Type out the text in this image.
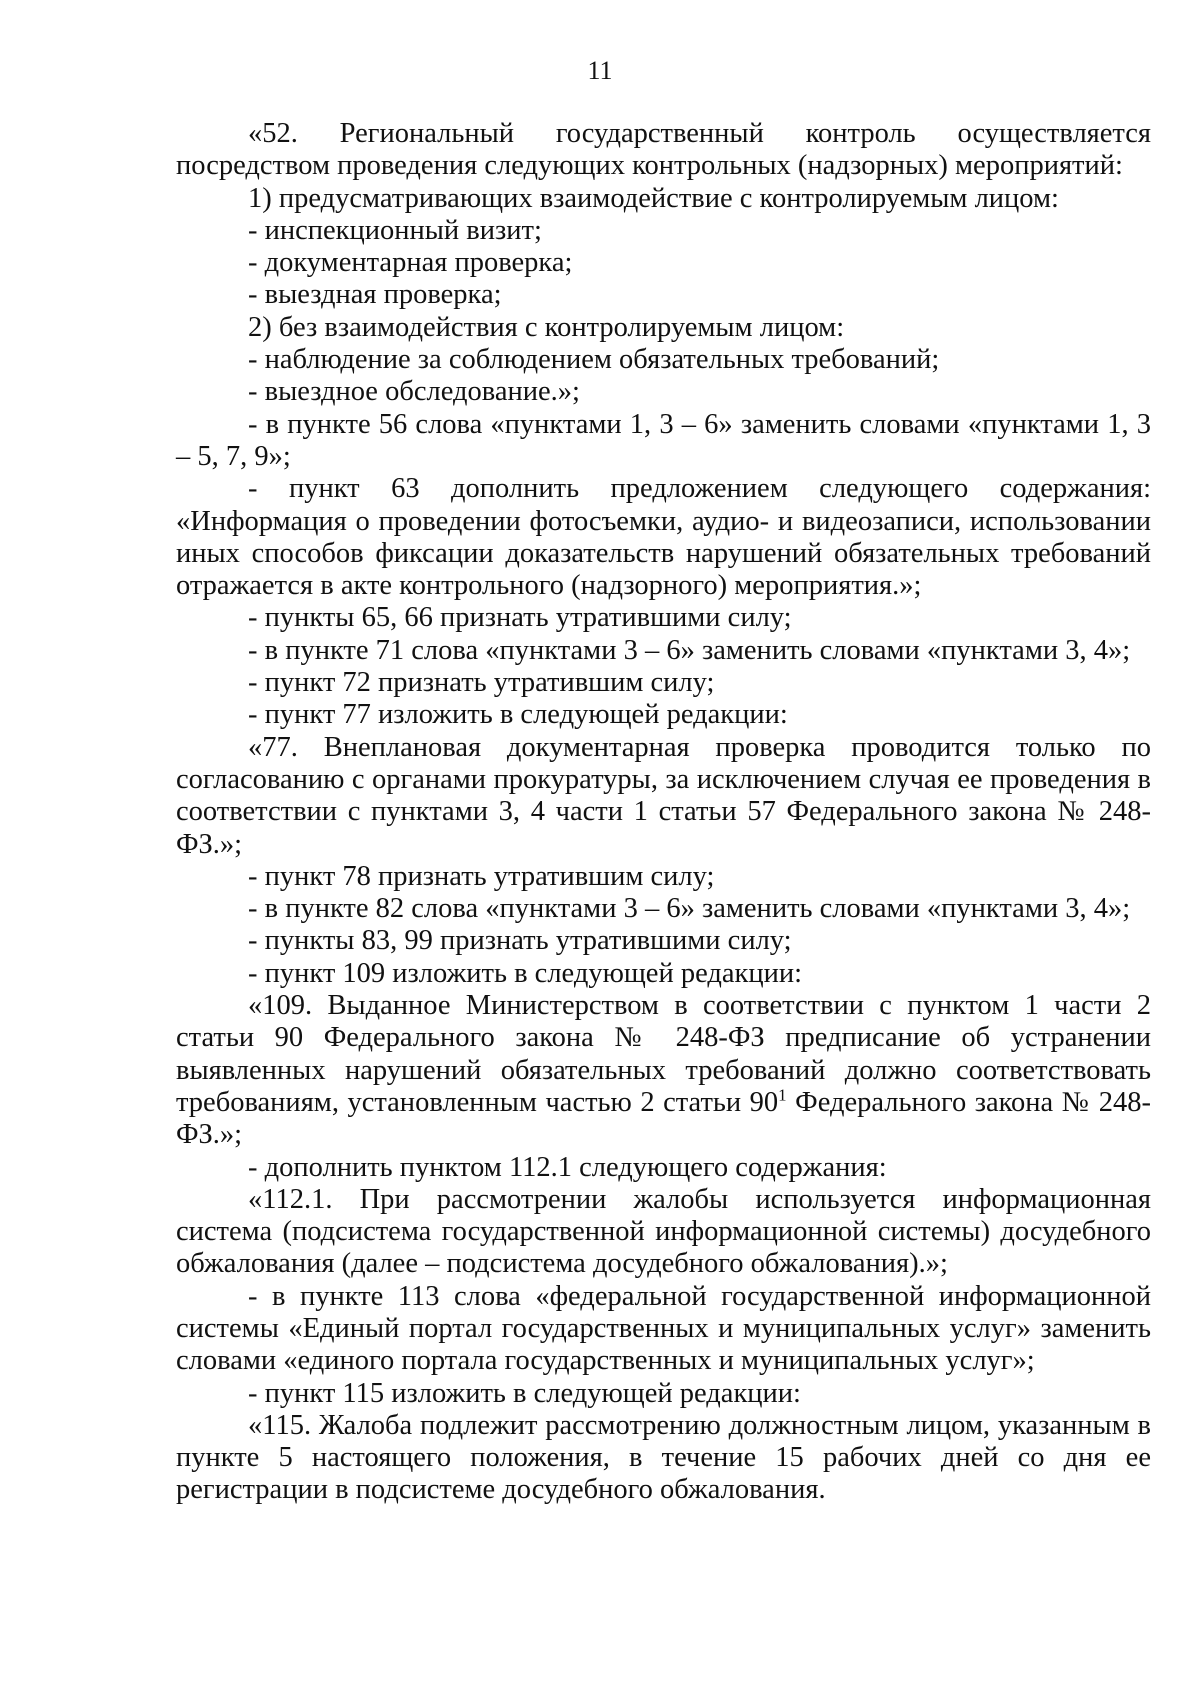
11

«52. Региональный государственный контроль осуществляется посредством проведения следующих контрольных (надзорных) мероприятий:

1) предусматривающих взаимодействие с контролируемым лицом:

- инспекционный визит;

- документарная проверка;

- выездная проверка;

2) без взаимодействия с контролируемым лицом:

- наблюдение за соблюдением обязательных требований;

- выездное обследование.»;

- в пункте 56 слова «пунктами 1, 3 – 6» заменить словами «пунктами 1, 3 – 5, 7, 9»;

- пункт 63 дополнить предложением следующего содержания: «Информация о проведении фотосъемки, аудио- и видеозаписи, использовании иных способов фиксации доказательств нарушений обязательных требований отражается в акте контрольного (надзорного) мероприятия.»;

- пункты 65, 66 признать утратившими силу;

- в пункте 71 слова «пунктами 3 – 6» заменить словами «пунктами 3, 4»;

- пункт 72 признать утратившим силу;

- пункт 77 изложить в следующей редакции:

«77. Внеплановая документарная проверка проводится только по согласованию с органами прокуратуры, за исключением случая ее проведения в соответствии с пунктами 3, 4 части 1 статьи 57 Федерального закона № 248-ФЗ.»;

- пункт 78 признать утратившим силу;

- в пункте 82 слова «пунктами 3 – 6» заменить словами «пунктами 3, 4»;

- пункты 83, 99 признать утратившими силу;

- пункт 109 изложить в следующей редакции:

«109. Выданное Министерством в соответствии с пунктом 1 части 2 статьи 90 Федерального закона № 248-ФЗ предписание об устранении выявленных нарушений обязательных требований должно соответствовать требованиям, установленным частью 2 статьи $90^1$ Федерального закона № 248-ФЗ.»;

- дополнить пунктом 112.1 следующего содержания:

«112.1. При рассмотрении жалобы используется информационная система (подсистема государственной информационной системы) досудебного обжалования (далее – подсистема досудебного обжалования).»;

- в пункте 113 слова «федеральной государственной информационной системы «Единый портал государственных и муниципальных услуг» заменить словами «единого портала государственных и муниципальных услуг»;

- пункт 115 изложить в следующей редакции:

«115. Жалоба подлежит рассмотрению должностным лицом, указанным в пункте 5 настоящего положения, в течение 15 рабочих дней со дня ее регистрации в подсистеме досудебного обжалования.
